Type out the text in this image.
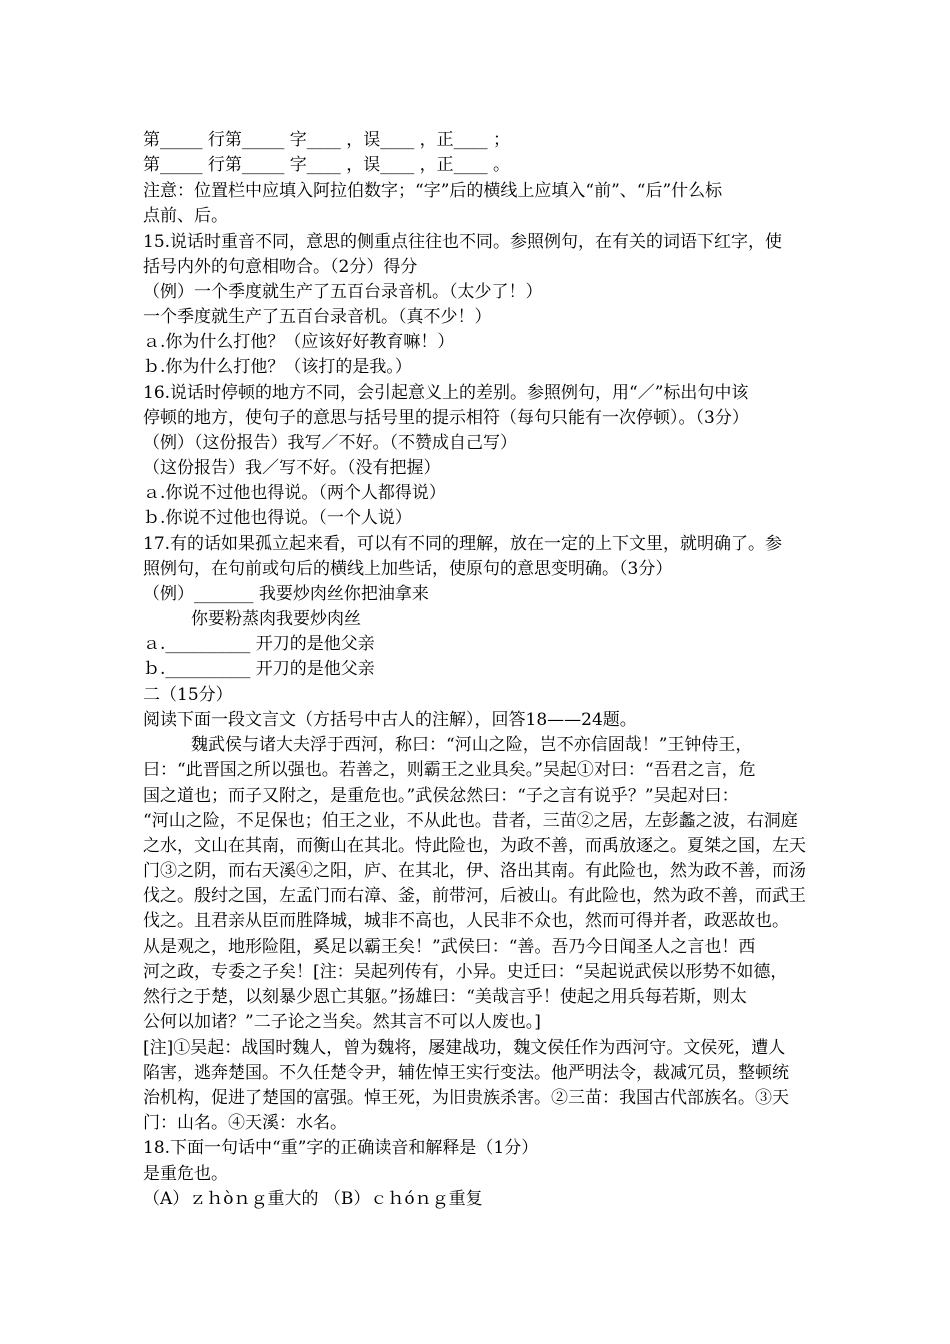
第_____ 行第_____ 字____ ，误____ ，正____ ；
第_____ 行第_____ 字____ ，误____ ，正____ 。
注意：位置栏中应填入阿拉伯数字；“字”后的横线上应填入“前”、“后”什么标
点前、后。
15.说话时重音不同，意思的侧重点往往也不同。参照例句，在有关的词语下红字，使
括号内外的句意相吻合。（2分）得分
（例）一个季度就生产了五百台录音机。（太少了！）
一个季度就生产了五百台录音机。（真不少！）
ａ.你为什么打他？（应该好好教育嘛！）
ｂ.你为什么打他？（该打的是我。）
16.说话时停顿的地方不同，会引起意义上的差别。参照例句，用“／”标出句中该
停顿的地方，使句子的意思与括号里的提示相符（每句只能有一次停顿）。（3分）
（例）（这份报告）我写／不好。（不赞成自己写）
（这份报告）我／写不好。（没有把握）
ａ.你说不过他也得说。（两个人都得说）
ｂ.你说不过他也得说。（一个人说）
17.有的话如果孤立起来看，可以有不同的理解，放在一定的上下文里，就明确了。参
照例句，在句前或句后的横线上加些话，使原句的意思变明确。（3分）
（例）_______ 我要炒肉丝你把油拿来
你要粉蒸肉我要炒肉丝
ａ.__________ 开刀的是他父亲
ｂ.__________ 开刀的是他父亲
二（15分）
阅读下面一段文言文（方括号中古人的注解），回答18——24题。
魏武侯与诸大夫浮于西河，称曰：“河山之险，岂不亦信固哉！”王钟侍王，
曰：“此晋国之所以强也。若善之，则霸王之业具矣。”吴起①对曰：“吾君之言，危
国之道也；而子又附之，是重危也。”武侯忿然曰：“子之言有说乎？”吴起对曰：
“河山之险，不足保也；伯王之业，不从此也。昔者，三苗②之居，左彭蠡之波，右洞庭
之水，文山在其南，而衡山在其北。恃此险也，为政不善，而禹放逐之。夏桀之国，左天
门③之阴，而右天溪④之阳，庐、在其北，伊、洛出其南。有此险也，然为政不善，而汤
伐之。殷纣之国，左孟门而右漳、釜，前带河，后被山。有此险也，然为政不善，而武王
伐之。且君亲从臣而胜降城，城非不高也，人民非不众也，然而可得并者，政恶故也。
从是观之，地形险阻，奚足以霸王矣！”武侯曰：“善。吾乃今日闻圣人之言也！西
河之政，专委之子矣！[注：吴起列传有，小异。史迁曰：“吴起说武侯以形势不如德，
然行之于楚，以刻暴少恩亡其躯。”扬雄曰：“美哉言乎！使起之用兵每若斯，则太
公何以加诸？”二子论之当矣。然其言不可以人废也。]
[注]①吴起：战国时魏人，曾为魏将，屡建战功，魏文侯任作为西河守。文侯死，遭人
陷害，逃奔楚国。不久任楚令尹，辅佐悼王实行变法。他严明法令，裁减冗员，整顿统
治机构，促进了楚国的富强。悼王死，为旧贵族杀害。②三苗：我国古代部族名。③天
门：山名。④天溪：水名。
18.下面一句话中“重”字的正确读音和解释是（1分）
是重危也。
（A）ｚｈòｎｇ重大的 （B）ｃｈóｎｇ重复
